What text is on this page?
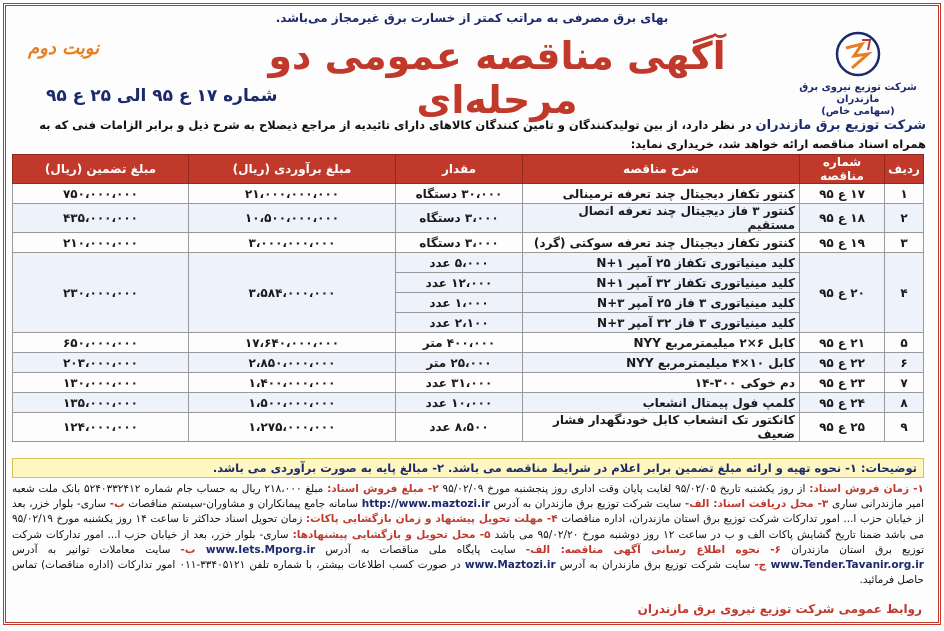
بهای برق مصرفی به مراتب کمتر از خسارت برق غیرمجاز می‌باشد.
شرکت توزیع نیروی برق مازندران
(سهامی خاص)
آگهی مناقصه عمومی دو مرحله‌ای
نوبت دوم
شماره ۱۷ ع ۹۵ الی ۲۵ ع ۹۵
شرکت توزیع برق مازندران در نظر دارد، از بین تولیدکنندگان و تامین کنندگان کالاهای دارای تائیدیه از مراجع ذیصلاح به شرح ذیل و برابر الزامات فنی که به همراه اسناد مناقصه ارائه خواهد شد، خریداری نماید:
ردیف	شماره مناقصه	شرح مناقصه	مقدار	مبلغ برآوردی (ریال)	مبلغ تضمین (ریال)
۱	۱۷ ع ۹۵	کنتور تکفاز دیجیتال چند تعرفه ترمینالی	۳۰،۰۰۰ دستگاه	۲۱،۰۰۰،۰۰۰،۰۰۰	۷۵۰،۰۰۰،۰۰۰
۲	۱۸ ع ۹۵	کنتور ۳ فاز دیجیتال چند تعرفه اتصال مستقیم	۳،۰۰۰ دستگاه	۱۰،۵۰۰،۰۰۰،۰۰۰	۴۳۵،۰۰۰،۰۰۰
۳	۱۹ ع ۹۵	کنتور تکفاز دیجیتال چند تعرفه سوکتی (گرد)	۳،۰۰۰ دستگاه	۳،۰۰۰،۰۰۰،۰۰۰	۲۱۰،۰۰۰،۰۰۰
۴	۲۰ ع ۹۵	کلید مینیاتوری تکفاز ۲۵ آمپر N+۱	۵،۰۰۰ عدد	۳،۵۸۴،۰۰۰،۰۰۰	۲۳۰،۰۰۰،۰۰۰
		کلید مینیاتوری تکفاز ۳۲ آمپر N+۱	۱۲،۰۰۰ عدد		
		کلید مینیاتوری ۳ فاز ۲۵ آمپر N+۳	۱،۰۰۰ عدد		
		کلید مینیاتوری ۳ فاز ۳۲ آمپر N+۳	۲،۱۰۰ عدد		
۵	۲۱ ع ۹۵	کابل ۶×۲ میلیمترمربع NYY	۴۰۰،۰۰۰ متر	۱۷،۶۴۰،۰۰۰،۰۰۰	۶۵۰،۰۰۰،۰۰۰
۶	۲۲ ع ۹۵	کابل ۱۰×۴ میلیمترمربع NYY	۲۵،۰۰۰ متر	۲،۸۵۰،۰۰۰،۰۰۰	۲۰۳،۰۰۰،۰۰۰
۷	۲۳ ع ۹۵	دم خوکی ۳۰۰-۱۴	۳۱،۰۰۰ عدد	۱،۴۰۰،۰۰۰،۰۰۰	۱۳۰،۰۰۰،۰۰۰
۸	۲۴ ع ۹۵	کلمپ فول پیمتال انشعاب	۱۰،۰۰۰ عدد	۱،۵۰۰،۰۰۰،۰۰۰	۱۳۵،۰۰۰،۰۰۰
۹	۲۵ ع ۹۵	کانکتور تک انشعاب کابل خودنگهدار فشار ضعیف	۸،۵۰۰ عدد	۱،۲۷۵،۰۰۰،۰۰۰	۱۲۴،۰۰۰،۰۰۰
توضیحات: ۱- نحوه تهیه و ارائه مبلغ تضمین برابر اعلام در شرایط مناقصه می باشد. ۲- مبالغ پایه به صورت برآوردی می باشد.
۱- زمان فروش اسناد: از روز یکشنبه تاریخ ۹۵/۰۲/۰۵ لغایت پایان وقت اداری روز پنجشنبه مورخ ۹۵/۰۲/۰۹ ۲- مبلغ فروش اسناد: مبلغ ۲۱۸،۰۰۰ ریال به حساب جام شماره ۵۲۴۰۳۳۲۴۱۲ بانک ملت شعبه امیر مازندرانی ساری ۳- محل دریافت اسناد: الف- سایت شرکت توزیع برق مازندران به آدرس http://www.maztozi.ir سامانه جامع پیمانکاران و مشاوران-سیستم مناقصات ب- ساری- بلوار خزر، بعد از خیابان حزب ا... امور تدارکات شرکت توزیع برق استان مازندران، اداره مناقصات ۴- مهلت تحویل پیشنهاد و زمان بازگشایی پاکات: زمان تحویل اسناد حداکثر تا ساعت ۱۴ روز یکشنبه مورخ ۹۵/۰۲/۱۹ می باشد ضمنا تاریخ گشایش پاکات الف و ب در ساعت ۱۲ روز دوشنبه مورخ ۹۵/۰۲/۲۰ می باشد ۵- محل تحویل و بازگشایی پیشنهادها: ساری- بلوار خزر، بعد از خیابان حزب ا... امور تدارکات شرکت توزیع برق استان مازندران ۶- نحوه اطلاع رسانی آگهی مناقصه: الف- سایت پایگاه ملی مناقصات به آدرس www.Iets.Mporg.ir ب- سایت معاملات توانیر به آدرس www.Tender.Tavanir.org.ir ج- سایت شرکت توزیع برق مازندران به آدرس www.Maztozi.ir در صورت کسب اطلاعات بیشتر، با شماره تلفن ۳۳۴۰۵۱۲۱-۰۱۱ امور تدارکات (اداره مناقصات) تماس حاصل فرمائید.
روابط عمومی شرکت توزیع نیروی برق مازندران
